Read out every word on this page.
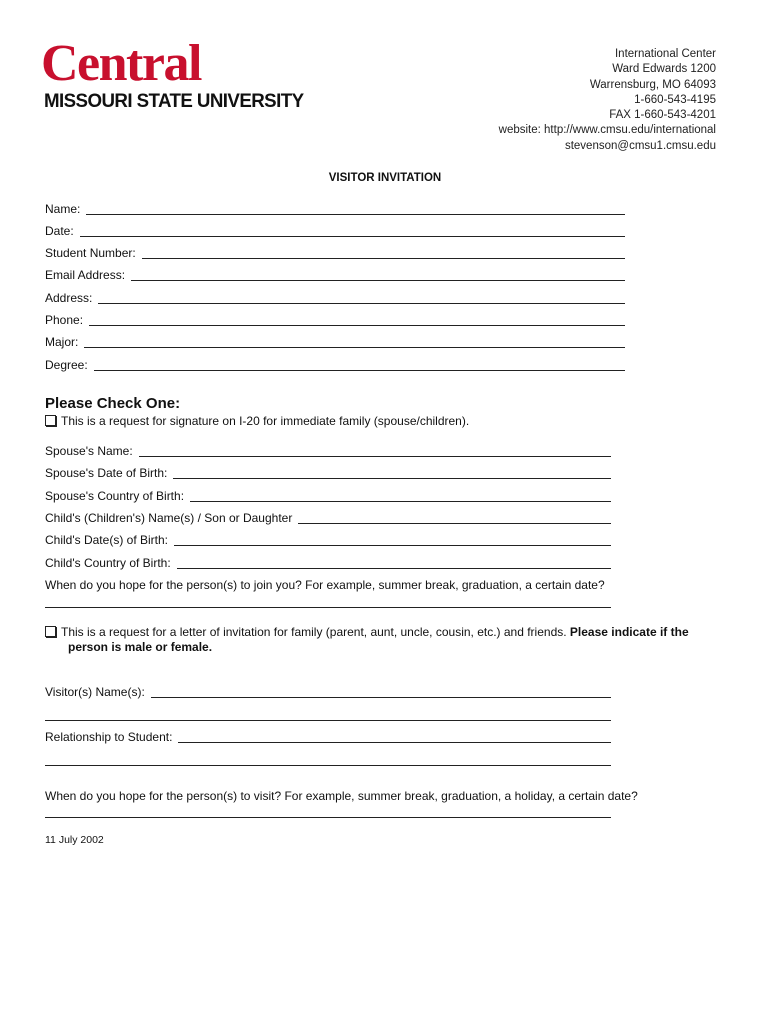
Central
MISSOURI STATE UNIVERSITY
International Center
Ward Edwards 1200
Warrensburg, MO 64093
1-660-543-4195
FAX 1-660-543-4201
website: http://www.cmsu.edu/international
stevenson@cmsu1.cmsu.edu
VISITOR INVITATION
Name:
Date:
Student Number:
Email Address:
Address:
Phone:
Major:
Degree:
Please Check One:
This is a request for signature on I-20 for immediate family (spouse/children).
Spouse's Name:
Spouse's Date of Birth:
Spouse's Country of Birth:
Child's (Children's) Name(s) / Son or Daughter
Child's Date(s) of Birth:
Child's Country of Birth:
When do you hope for the person(s) to join you? For example, summer break, graduation, a certain date?
This is a request for a letter of invitation for family (parent, aunt, uncle, cousin, etc.) and friends. Please indicate if the
person is male or female.
Visitor(s) Name(s):
Relationship to Student:
When do you hope for the person(s) to visit? For example, summer break, graduation, a holiday, a certain date?
11 July 2002
